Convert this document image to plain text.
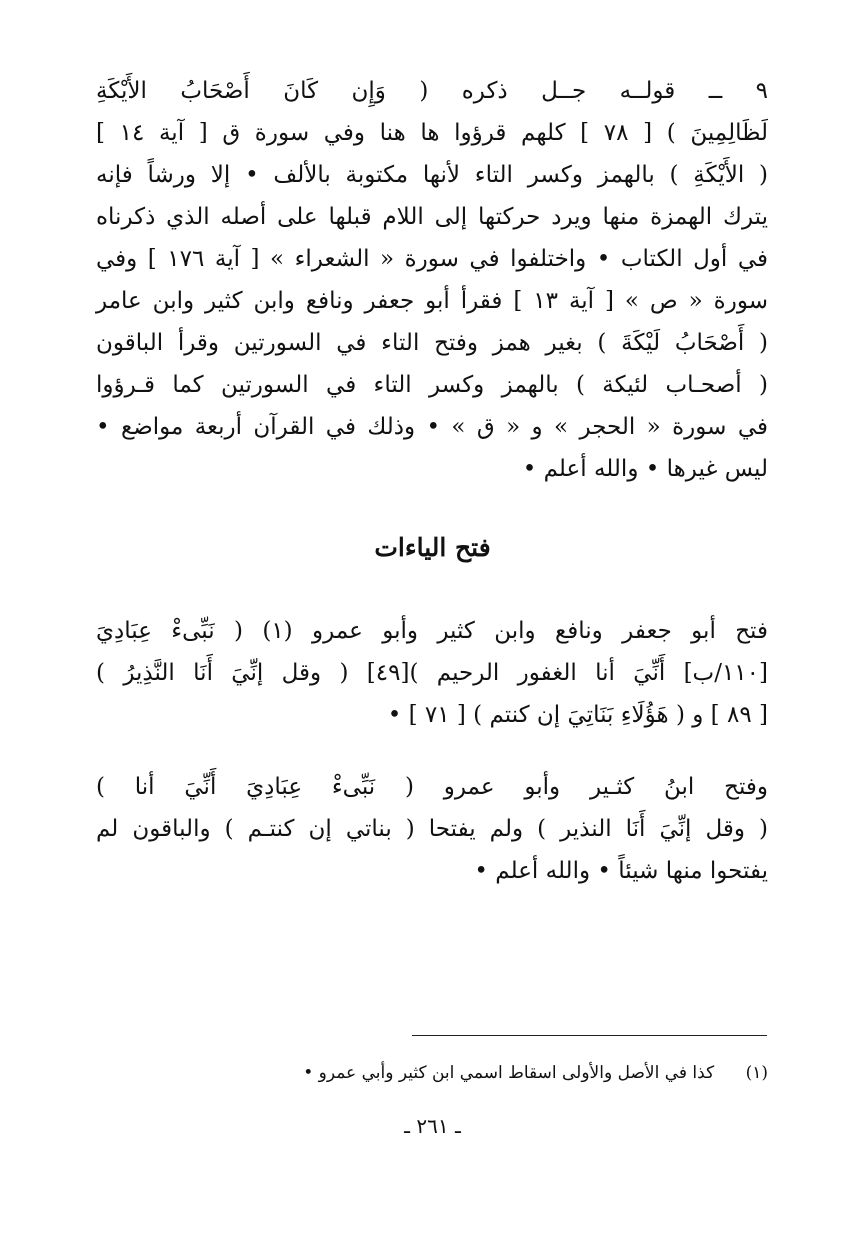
٩ ــ قولــه جــل ذكره ( وَإِن كَانَ أَصْحَابُ الأَيْكَةِ
لَظَالِمِينَ ) [ ٧٨ ] كلهم قرؤوا ها هنا وفي سورة ق [ آية ١٤ ]
( الأَيْكَةِ ) بالهمز وكسر التاء لأنها مكتوبة بالألف • إلا ورشاً فإنه
يترك الهمزة منها ويرد حركتها إلى اللام قبلها على أصله الذي ذكرناه
في أول الكتاب • واختلفوا في سورة « الشعراء » [ آية ١٧٦ ] وفي
سورة « ص » [ آية ١٣ ] فقرأ أبو جعفر ونافع وابن كثير وابن عامر
( أَصْحَابُ لَيْكَةَ ) بغير همز وفتح التاء في السورتين وقرأ الباقون
( أصحـاب لئيكة ) بالهمز وكسر التاء في السورتين كما قـرؤوا
في سورة « الحجر » و « ق » • وذلك في القرآن أربعة مواضع •
ليس غيرها • والله أعلم •
فتح الياءات
فتح أبو جعفر ونافع وابن كثير وأبو عمرو (١) ( نَبِّىءْ عِبَادِيَ
[١١٠/ب] أَنِّيَ أنا الغفور الرحيم )[٤٩] ( وقل إنِّيَ أَنَا النَّذِيرُ )
[ ٨٩ ] و ( هَؤُلَاءِ بَنَاتِيَ إن كنتم ) [ ٧١ ] •
وفتح ابنُ كثـير وأبو عمرو ( نَبِّىءْ عِبَادِيَ أَنِّيَ أنا )
( وقل إنِّيَ أَنَا النذير ) ولم يفتحا ( بناتي إن كنتـم ) والباقون لم
يفتحوا منها شيئاً • والله أعلم •
(١) كذا في الأصل والأولى اسقاط اسمي ابن كثير وأبي عمرو •
ـ ٢٦١ ـ
